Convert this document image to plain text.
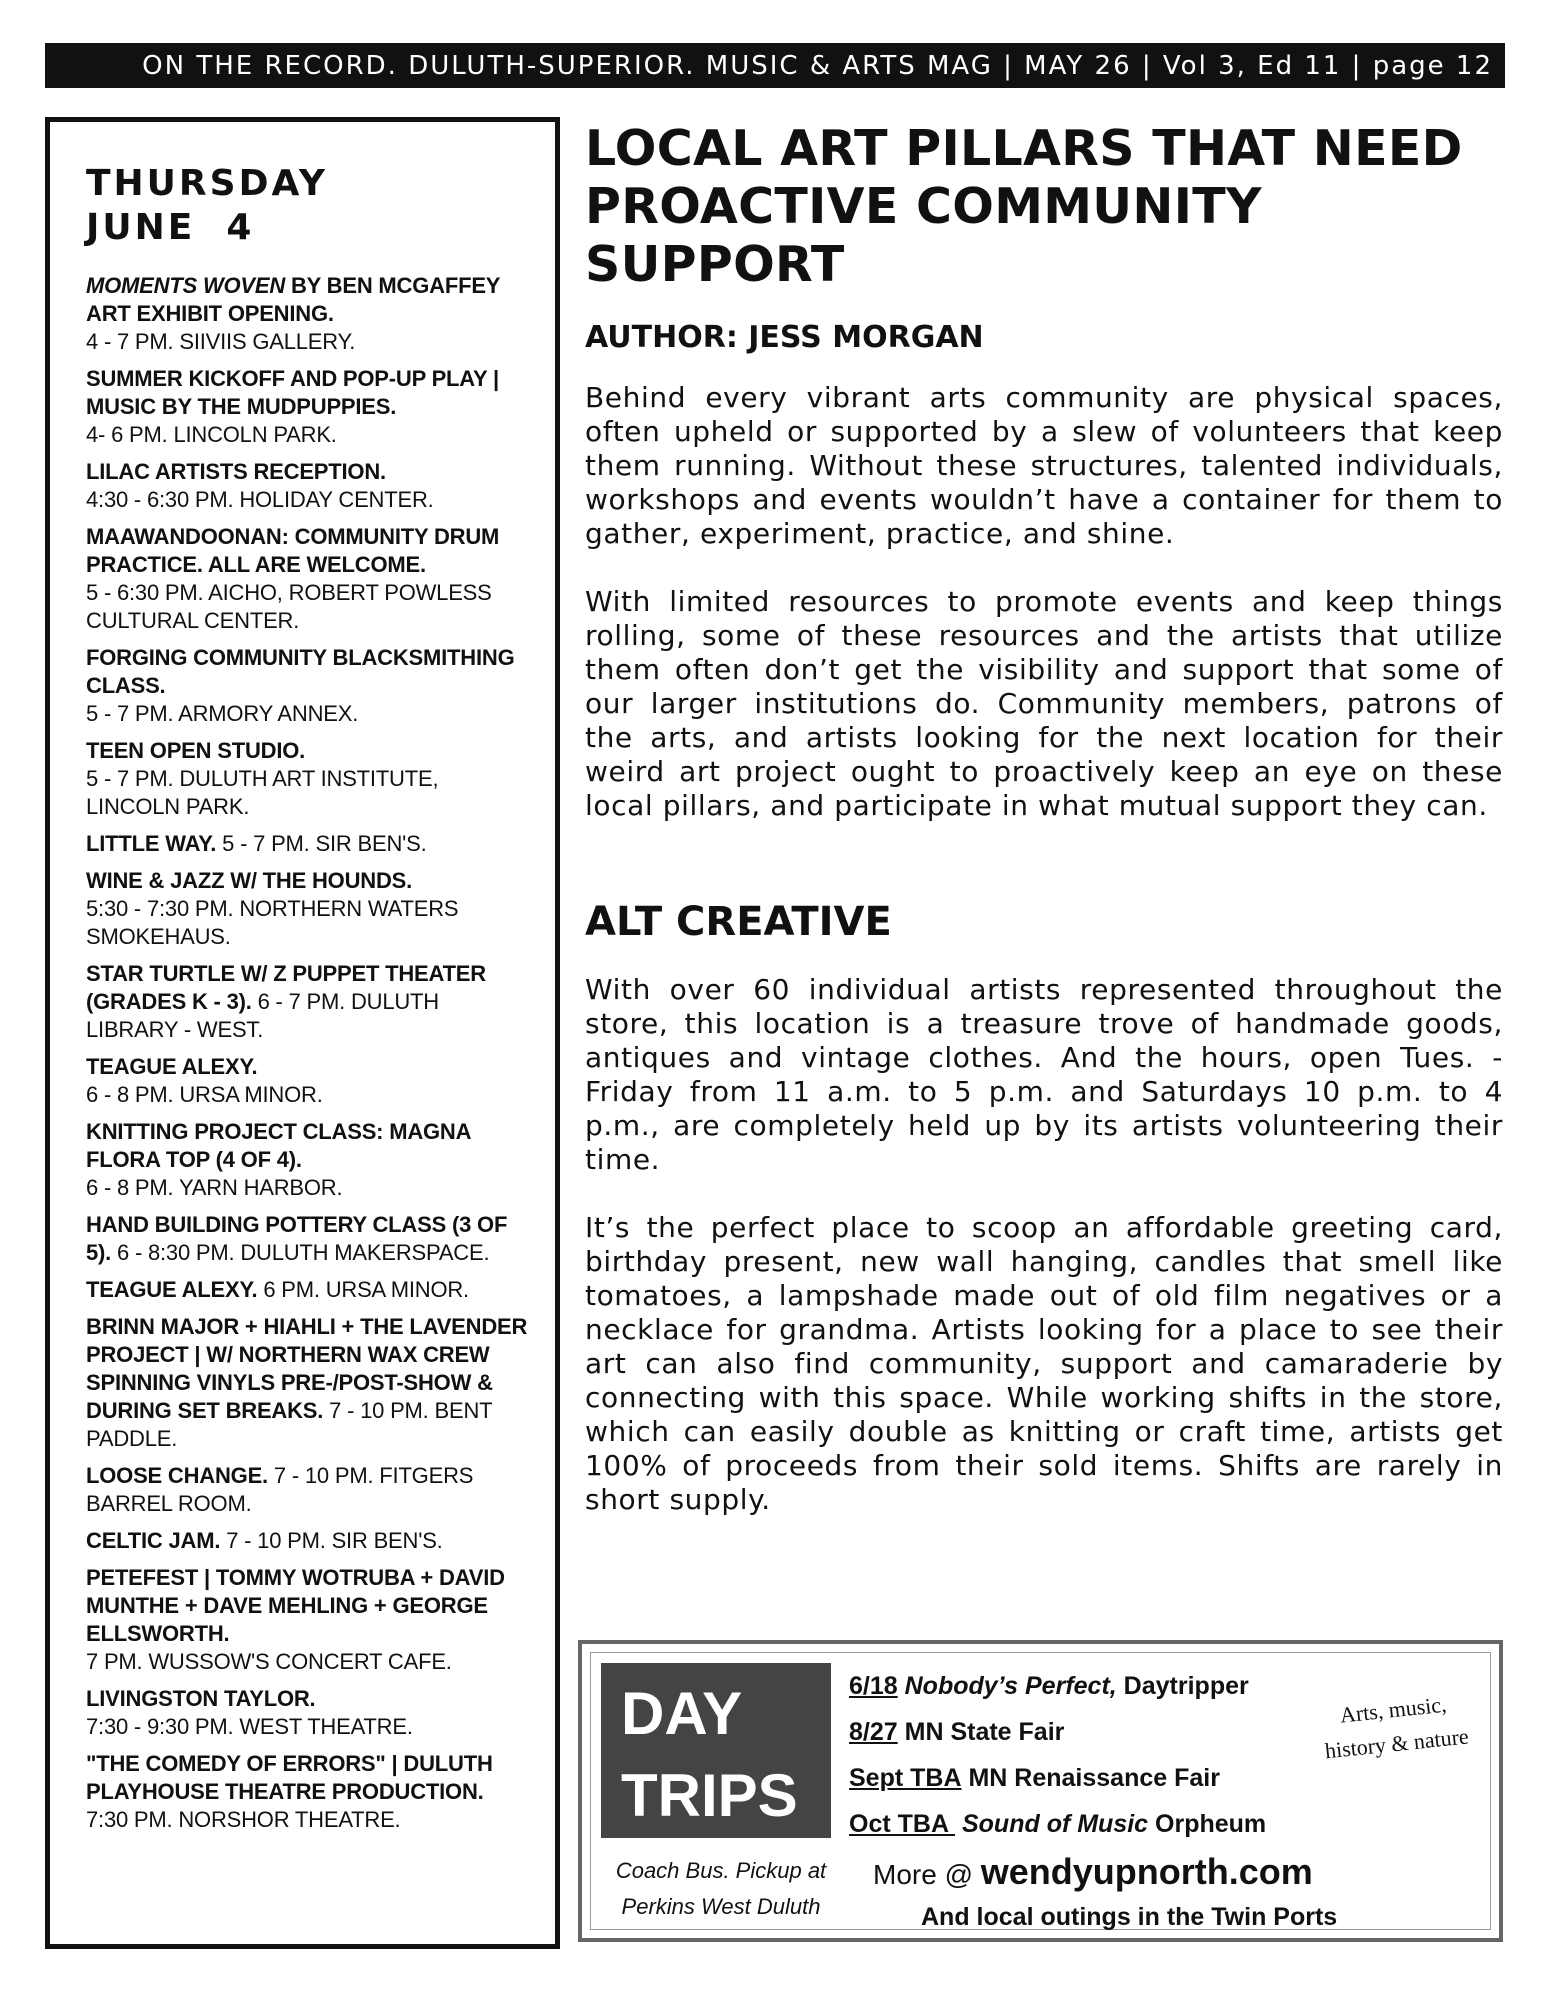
ON THE RECORD. DULUTH-SUPERIOR. MUSIC & ARTS MAG | MAY 26 | Vol 3, Ed 11 | page 12
THURSDAY
JUNE  4
MOMENTS WOVEN BY BEN MCGAFFEY ART EXHIBIT OPENING.
4 - 7 PM. SIIVIIS GALLERY.
SUMMER KICKOFF AND POP-UP PLAY | MUSIC BY THE MUDPUPPIES.
4- 6 PM. LINCOLN PARK.
LILAC ARTISTS RECEPTION.
4:30 - 6:30 PM. HOLIDAY CENTER.
MAAWANDOONAN: COMMUNITY DRUM PRACTICE. ALL ARE WELCOME.
5 - 6:30 PM. AICHO, ROBERT POWLESS CULTURAL CENTER.
FORGING COMMUNITY BLACKSMITHING CLASS.
5 - 7 PM. ARMORY ANNEX.
TEEN OPEN STUDIO.
5 - 7 PM. DULUTH ART INSTITUTE, LINCOLN PARK.
LITTLE WAY. 5 - 7 PM. SIR BEN'S.
WINE & JAZZ W/ THE HOUNDS.
5:30 - 7:30 PM. NORTHERN WATERS SMOKEHAUS.
STAR TURTLE W/ Z PUPPET THEATER (GRADES K - 3). 6 - 7 PM. DULUTH LIBRARY - WEST.
TEAGUE ALEXY.
6 - 8 PM. URSA MINOR.
KNITTING PROJECT CLASS: MAGNA FLORA TOP (4 OF 4).
6 - 8 PM. YARN HARBOR.
HAND BUILDING POTTERY CLASS (3 OF 5). 6 - 8:30 PM. DULUTH MAKERSPACE.
TEAGUE ALEXY. 6 PM. URSA MINOR.
BRINN MAJOR + HIAHLI + THE LAVENDER PROJECT | W/ NORTHERN WAX CREW SPINNING VINYLS PRE-/POST-SHOW & DURING SET BREAKS. 7 - 10 PM. BENT PADDLE.
LOOSE CHANGE. 7 - 10 PM. FITGERS BARREL ROOM.
CELTIC JAM. 7 - 10 PM. SIR BEN'S.
PETEFEST | TOMMY WOTRUBA + DAVID MUNTHE + DAVE MEHLING + GEORGE ELLSWORTH.
7 PM. WUSSOW'S CONCERT CAFE.
LIVINGSTON TAYLOR.
7:30 - 9:30 PM. WEST THEATRE.
"THE COMEDY OF ERRORS" | DULUTH PLAYHOUSE THEATRE PRODUCTION.
7:30 PM. NORSHOR THEATRE.
LOCAL ART PILLARS THAT NEED PROACTIVE COMMUNITY SUPPORT
AUTHOR: JESS MORGAN

Behind every vibrant arts community are physical spaces, often upheld or supported by a slew of volunteers that keep them running. Without these structures, talented individuals, workshops and events wouldn’t have a container for them to gather, experiment, practice, and shine.

With limited resources to promote events and keep things rolling, some of these resources and the artists that utilize them often don’t get the visibility and support that some of our larger institutions do. Community members, patrons of the arts, and artists looking for the next location for their weird art project ought to proactively keep an eye on these local pillars, and participate in what mutual support they can.

ALT CREATIVE

With over 60 individual artists represented throughout the store, this location is a treasure trove of handmade goods, antiques and vintage clothes. And the hours, open Tues. - Friday from 11 a.m. to 5 p.m. and Saturdays 10 p.m. to 4 p.m., are completely held up by its artists volunteering their time.

It’s the perfect place to scoop an affordable greeting card, birthday present, new wall hanging, candles that smell like tomatoes, a lampshade made out of old film negatives or a necklace for grandma. Artists looking for a place to see their art can also find community, support and camaraderie by connecting with this space. While working shifts in the store, which can easily double as knitting or craft time, artists get 100% of proceeds from their sold items. Shifts are rarely in short supply.

DAY
TRIPS
Coach Bus. Pickup at Perkins West Duluth
6/18 Nobody’s Perfect, Daytripper
8/27 MN State Fair
Sept TBA MN Renaissance Fair
Oct TBA  Sound of Music Orpheum
Arts, music, history & nature
More @ wendyupnorth.com
And local outings in the Twin Ports
